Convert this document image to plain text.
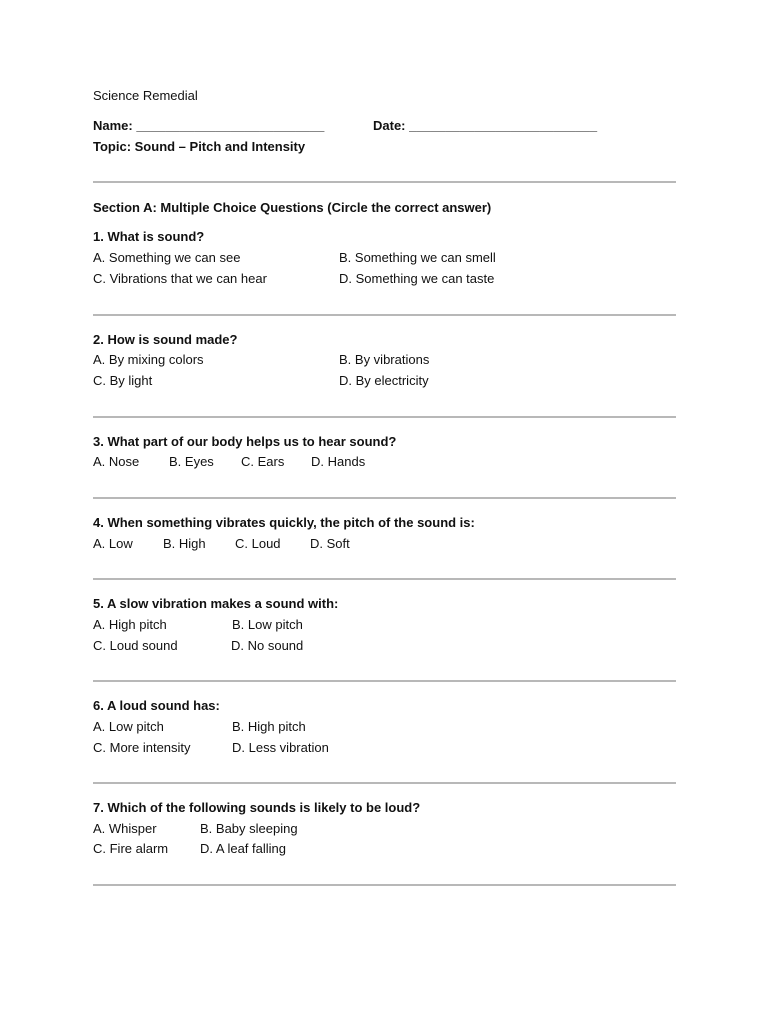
Science Remedial
Name: __________________________	Date: __________________________
Topic: Sound – Pitch and Intensity
Section A: Multiple Choice Questions (Circle the correct answer)
1. What is sound?
A. Something we can see	B. Something we can smell
C. Vibrations that we can hear	D. Something we can taste
2. How is sound made?
A. By mixing colors	B. By vibrations
C. By light	D. By electricity
3. What part of our body helps us to hear sound?
A. Nose B. Eyes C. Ears D. Hands
4. When something vibrates quickly, the pitch of the sound is:
A. Low B. High C. Loud D. Soft
5. A slow vibration makes a sound with:
A. High pitch	B. Low pitch
C. Loud sound	D. No sound
6. A loud sound has:
A. Low pitch	B. High pitch
C. More intensity	D. Less vibration
7. Which of the following sounds is likely to be loud?
A. Whisper	B. Baby sleeping
C. Fire alarm D. A leaf falling
